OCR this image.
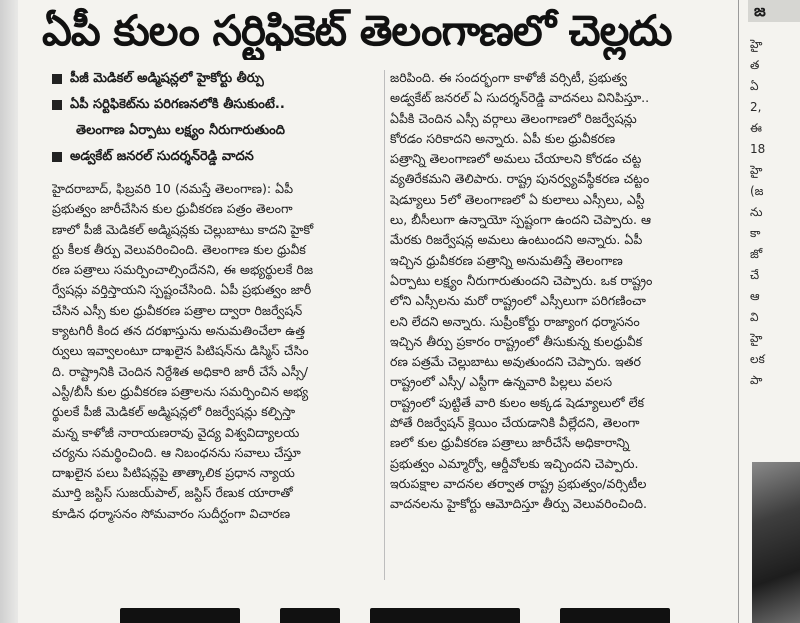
ఏపీ కులం సర్టిఫికెట్ తెలంగాణలో చెల్లదు
పీజీ మెడికల్ అడ్మిషన్లలో హైకోర్టు తీర్పు
ఏపీ సర్టిఫికెట్‌ను పరిగణనలోకి తీసుకుంటే..
తెలంగాణ ఏర్పాటు లక్ష్యం నీరుగారుతుంది
అడ్వకేట్ జనరల్ సుదర్శన్‌రెడ్డి వాదన
హైదరాబాద్, ఫిబ్రవరి 10 (నమస్తే తెలంగాణ): ఏపీ
ప్రభుత్వం జారీచేసిన కుల ధ్రువీకరణ పత్రం తెలంగా
ణాలో పీజీ మెడికల్ అడ్మిషన్లకు చెల్లుబాటు కాదని హైకో
ర్టు కీలక తీర్పు వెలువరించింది. తెలంగాణ కుల ధ్రువీక
రణ పత్రాలు సమర్పించాల్సిందేనని, ఈ అభ్యర్థులకే రిజ
ర్వేషన్లు వర్తిస్తాయని స్పష్టంచేసింది. ఏపీ ప్రభుత్వం జారీ
చేసిన ఎస్సీ కుల ధ్రువీకరణ పత్రాల ద్వారా రిజర్వేషన్
క్యాటగిరీ కింద తన దరఖాస్తును అనుమతించేలా ఉత్త
ర్వులు ఇవ్వాలంటూ దాఖలైన పిటిషన్‌ను డిస్మిస్ చేసిం
ది. రాష్ట్రానికి చెందిన నిర్దేశిత అధికారి జారీ చేసే ఎస్సీ/
ఎస్టీ/బీసీ కుల ధ్రువీకరణ పత్రాలను సమర్పించిన అభ్య
ర్థులకే పీజీ మెడికల్ అడ్మిషన్లలో రిజర్వేషన్లు కల్పిస్తా
మన్న కాళోజీ నారాయణరావు వైద్య విశ్వవిద్యాలయ
చర్యను సమర్థించింది. ఆ నిబంధనను సవాలు చేస్తూ
దాఖలైన పలు పిటిషన్లపై తాత్కాలిక ప్రధాన న్యాయ
మూర్తి జస్టిస్ సుజయ్‌పాల్, జస్టిస్ రేణుక యారాతో
కూడిన ధర్మాసనం సోమవారం సుదీర్ఘంగా విచారణ
జరిపింది. ఈ సందర్భంగా కాళోజీ వర్సిటీ, ప్రభుత్వ
అడ్వకేట్ జనరల్ ఏ సుదర్శన్‌రెడ్డి వాదనలు వినిపిస్తూ..
ఏపీకి చెందిన ఎస్సీ వర్గాలు తెలంగాణలో రిజర్వేషన్లు
కోరడం సరికాదని అన్నారు. ఏపీ కుల ధ్రువీకరణ
పత్రాన్ని తెలంగాణలో అమలు చేయాలని కోరడం చట్ట
వ్యతిరేకమని తెలిపారు. రాష్ట్ర పునర్వ్యవస్థీకరణ చట్టం
షెడ్యూలు 5లో తెలంగాణలో ఏ కులాలు ఎస్సీలు, ఎస్టీ
లు, బీసీలుగా ఉన్నాయో స్పష్టంగా ఉందని చెప్పారు. ఆ
మేరకు రిజర్వేషన్ల అమలు ఉంటుందని అన్నారు. ఏపీ
ఇచ్చిన ధ్రువీకరణ పత్రాన్ని అనుమతిస్తే తెలంగాణ
ఏర్పాటు లక్ష్యం నీరుగారుతుందని చెప్పారు. ఒక రాష్ట్రం
లోని ఎస్సీలను మరో రాష్ట్రంలో ఎస్సీలుగా పరిగణించా
లని లేదని అన్నారు. సుప్రీంకోర్టు రాజ్యాంగ ధర్మాసనం
ఇచ్చిన తీర్పు ప్రకారం రాష్ట్రంలో తీసుకున్న కులధ్రువీక
రణ పత్రమే చెల్లుబాటు అవుతుందని చెప్పారు. ఇతర
రాష్ట్రంలో ఎస్సీ/ ఎస్టీగా ఉన్నవారి పిల్లలు వలస
రాష్ట్రంలో పుట్టితే వారి కులం అక్కడ షెడ్యూలులో లేక
పోతే రిజర్వేషన్ క్లెయిం చేయడానికి వీల్లేదని, తెలంగా
ణలో కుల ధ్రువీకరణ పత్రాలు జారీచేసే అధికారాన్ని
ప్రభుత్వం ఎమ్మార్వో, ఆర్డీవోలకు ఇచ్చిందని చెప్పారు.
ఇరుపక్షాల వాదనల తర్వాత రాష్ట్ర ప్రభుత్వం/వర్సిటీల
వాదనలను హైకోర్టు ఆమోదిస్తూ తీర్పు వెలువరించింది.
జ
హై
త
ఏ
2,
ఈ
18
హై
(జ
ను
కా
జో
చే
ఆ
వి
హై
లక
పా
